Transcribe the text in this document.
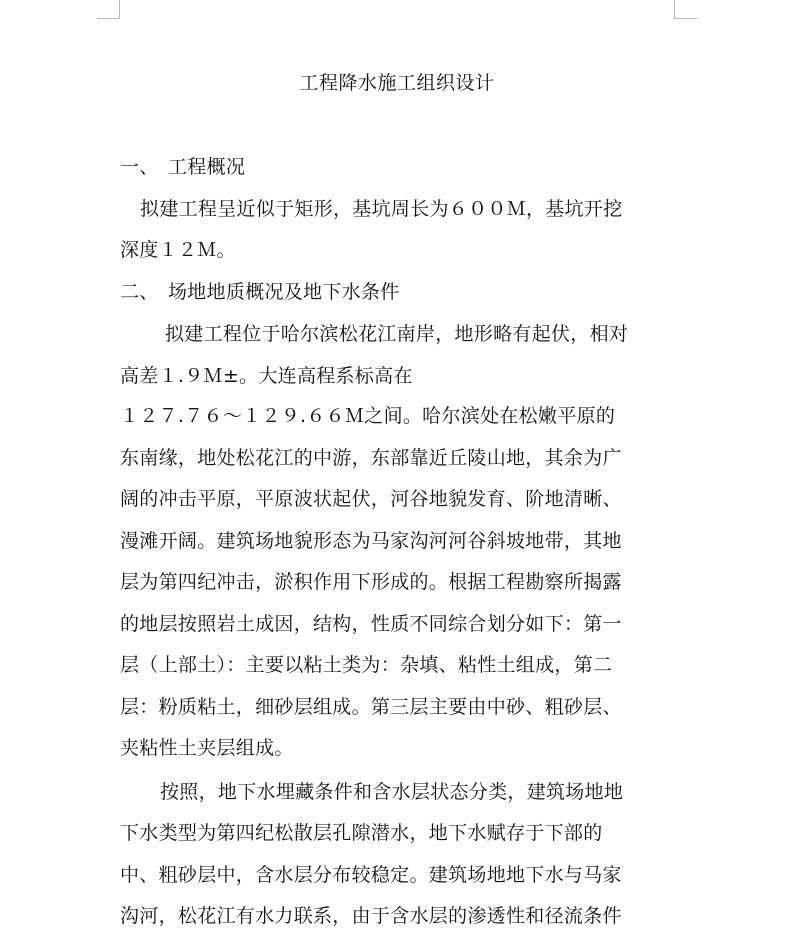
工程降水施工组织设计
一、 工程概况
拟建工程呈近似于矩形，基坑周长为６００Ｍ，基坑开挖
深度１２Ｍ。
二、 场地地质概况及地下水条件
拟建工程位于哈尔滨松花江南岸，地形略有起伏，相对
高差１.９Ｍ±。大连高程系标高在
１２７.７６～１２９.６６Ｍ之间。哈尔滨处在松嫩平原的
东南缘，地处松花江的中游，东部靠近丘陵山地，其余为广
阔的冲击平原，平原波状起伏，河谷地貌发育、阶地清晰、
漫滩开阔。建筑场地貌形态为马家沟河河谷斜坡地带，其地
层为第四纪冲击，淤积作用下形成的。根据工程勘察所揭露
的地层按照岩土成因，结构，性质不同综合划分如下：第一
层（上部土）：主要以粘土类为：杂填、粘性土组成，第二
层：粉质粘土，细砂层组成。第三层主要由中砂、粗砂层、
夹粘性土夹层组成。
按照，地下水埋藏条件和含水层状态分类，建筑场地地
下水类型为第四纪松散层孔隙潜水，地下水赋存于下部的
中、粗砂层中，含水层分布较稳定。建筑场地地下水与马家
沟河，松花江有水力联系，由于含水层的渗透性和径流条件
